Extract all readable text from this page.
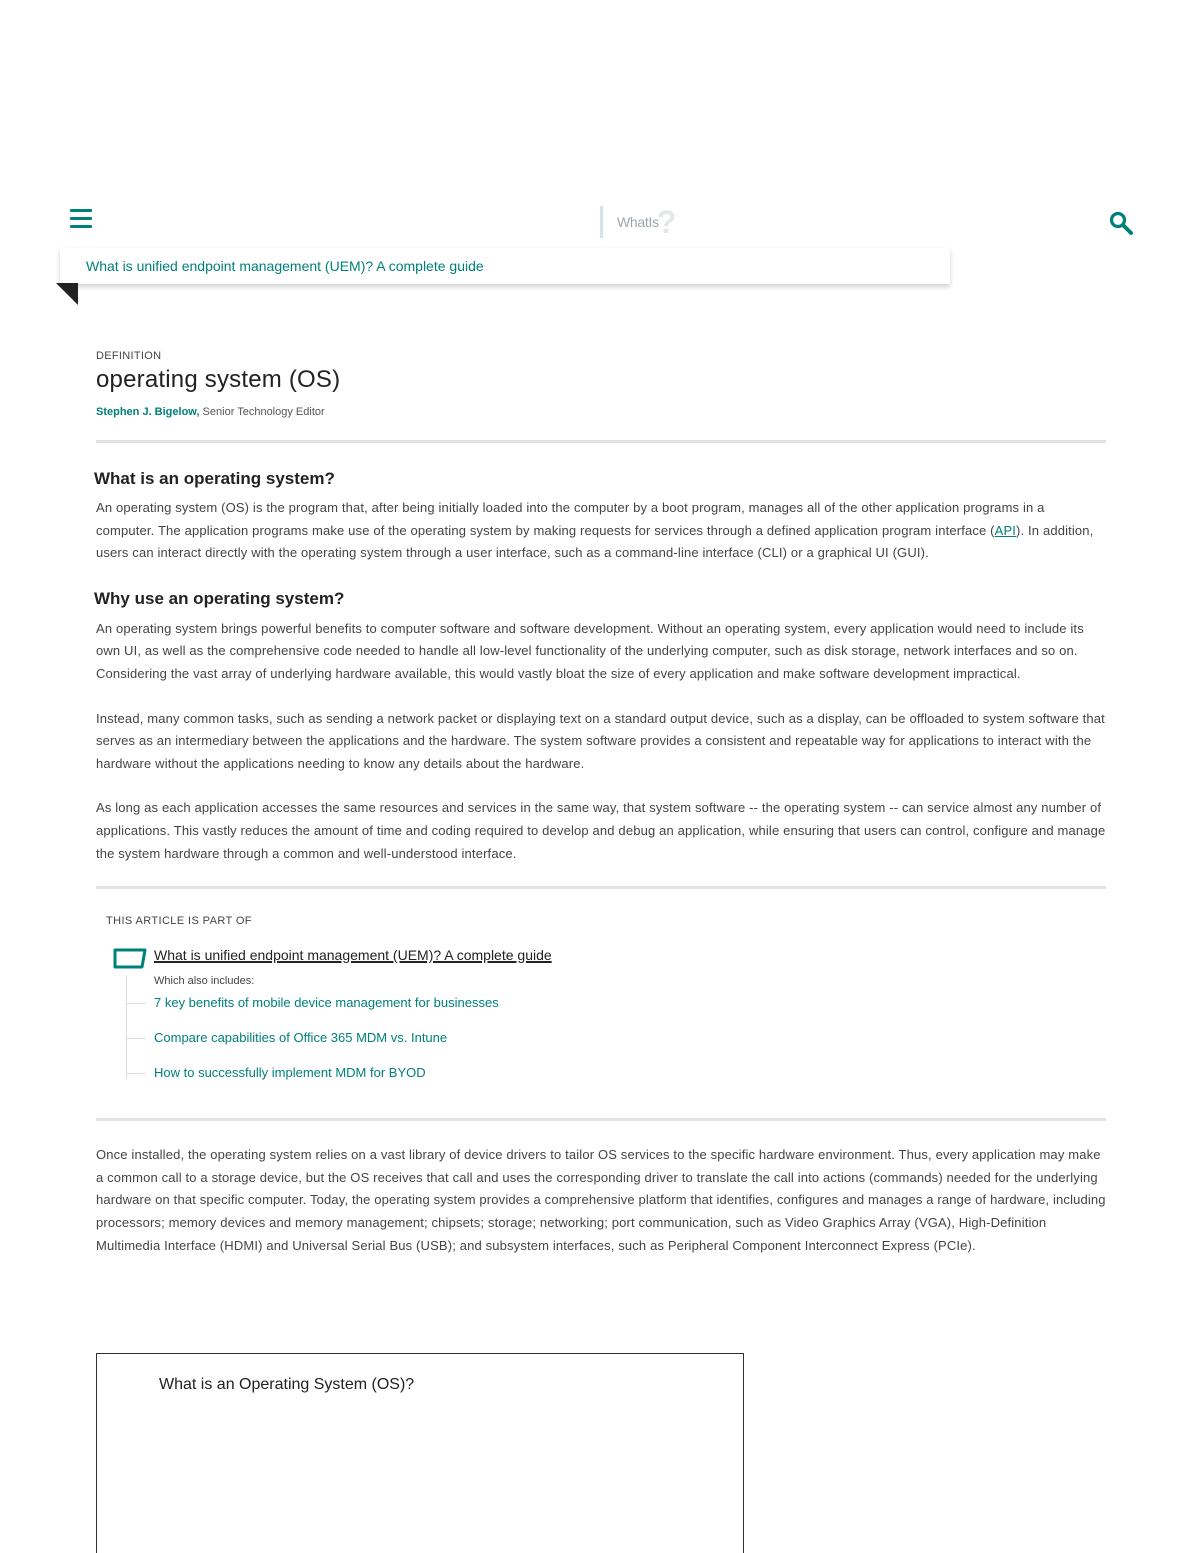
WhatIs
?
What is unified endpoint management (UEM)? A complete guide
DEFINITION
operating system (OS)
Stephen J. Bigelow, Senior Technology Editor
What is an operating system?

An operating system (OS) is the program that, after being initially loaded into the computer by a boot program, manages all of the other application programs in a computer. The application programs make use of the operating system by making requests for services through a defined application program interface (API). In addition, users can interact directly with the operating system through a user interface, such as a command-line interface (CLI) or a graphical UI (GUI).

Why use an operating system?

An operating system brings powerful benefits to computer software and software development. Without an operating system, every application would need to include its own UI, as well as the comprehensive code needed to handle all low-level functionality of the underlying computer, such as disk storage, network interfaces and so on. Considering the vast array of underlying hardware available, this would vastly bloat the size of every application and make software development impractical.

Instead, many common tasks, such as sending a network packet or displaying text on a standard output device, such as a display, can be offloaded to system software that serves as an intermediary between the applications and the hardware. The system software provides a consistent and repeatable way for applications to interact with the hardware without the applications needing to know any details about the hardware.

As long as each application accesses the same resources and services in the same way, that system software -- the operating system -- can service almost any number of applications. This vastly reduces the amount of time and coding required to develop and debug an application, while ensuring that users can control, configure and manage the system hardware through a common and well-understood interface.

THIS ARTICLE IS PART OF
What is unified endpoint management (UEM)? A complete guide
Which also includes:
7 key benefits of mobile device management for businesses
Compare capabilities of Office 365 MDM vs. Intune
How to successfully implement MDM for BYOD

Once installed, the operating system relies on a vast library of device drivers to tailor OS services to the specific hardware environment. Thus, every application may make a common call to a storage device, but the OS receives that call and uses the corresponding driver to translate the call into actions (commands) needed for the underlying hardware on that specific computer. Today, the operating system provides a comprehensive platform that identifies, configures and manages a range of hardware, including processors; memory devices and memory management; chipsets; storage; networking; port communication, such as Video Graphics Array (VGA), High-Definition Multimedia Interface (HDMI) and Universal Serial Bus (USB); and subsystem interfaces, such as Peripheral Component Interconnect Express (PCIe).

What is an Operating System (OS)?
